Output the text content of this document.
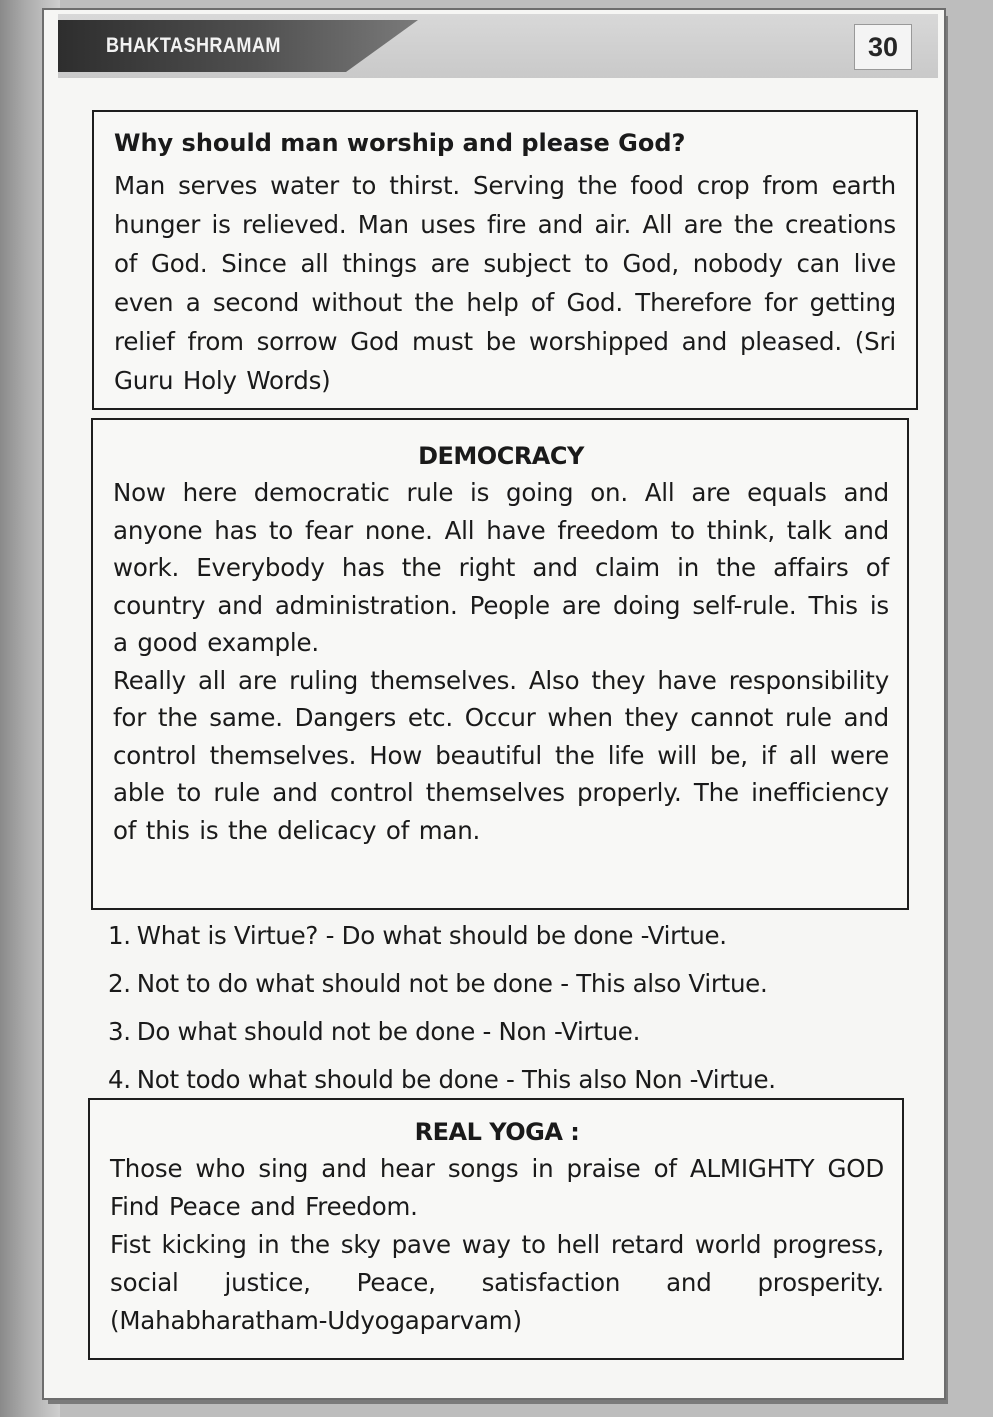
BHAKTASHRAMAM	30

Why should man worship and please God?

Man serves water to thirst. Serving the food crop from earth hunger is relieved. Man uses fire and air. All are the creations of God. Since all things are subject to God, nobody can live even a second without the help of God. Therefore for getting relief from sorrow God must be worshipped and pleased. (Sri Guru Holy Words)

DEMOCRACY

Now here democratic rule is going on. All are equals and anyone has to fear none. All have freedom to think, talk and work. Everybody has the right and claim in the affairs of country and administration. People are doing self-rule. This is a good example.

Really all are ruling themselves. Also they have responsibility for the same. Dangers etc. Occur when they cannot rule and control themselves. How beautiful the life will be, if all were able to rule and control themselves properly. The inefficiency of this is the delicacy of man.

1. What is Virtue? - Do what should be done -Virtue.
2. Not to do what should not be done - This also Virtue.
3. Do what should not be done - Non -Virtue.
4. Not todo what should be done - This also Non -Virtue.

REAL YOGA :

Those who sing and hear songs in praise of ALMIGHTY GOD Find Peace and Freedom.

Fist kicking in the sky pave way to hell retard world progress, social justice, Peace, satisfaction and prosperity. (Mahabharatham-Udyogaparvam)
